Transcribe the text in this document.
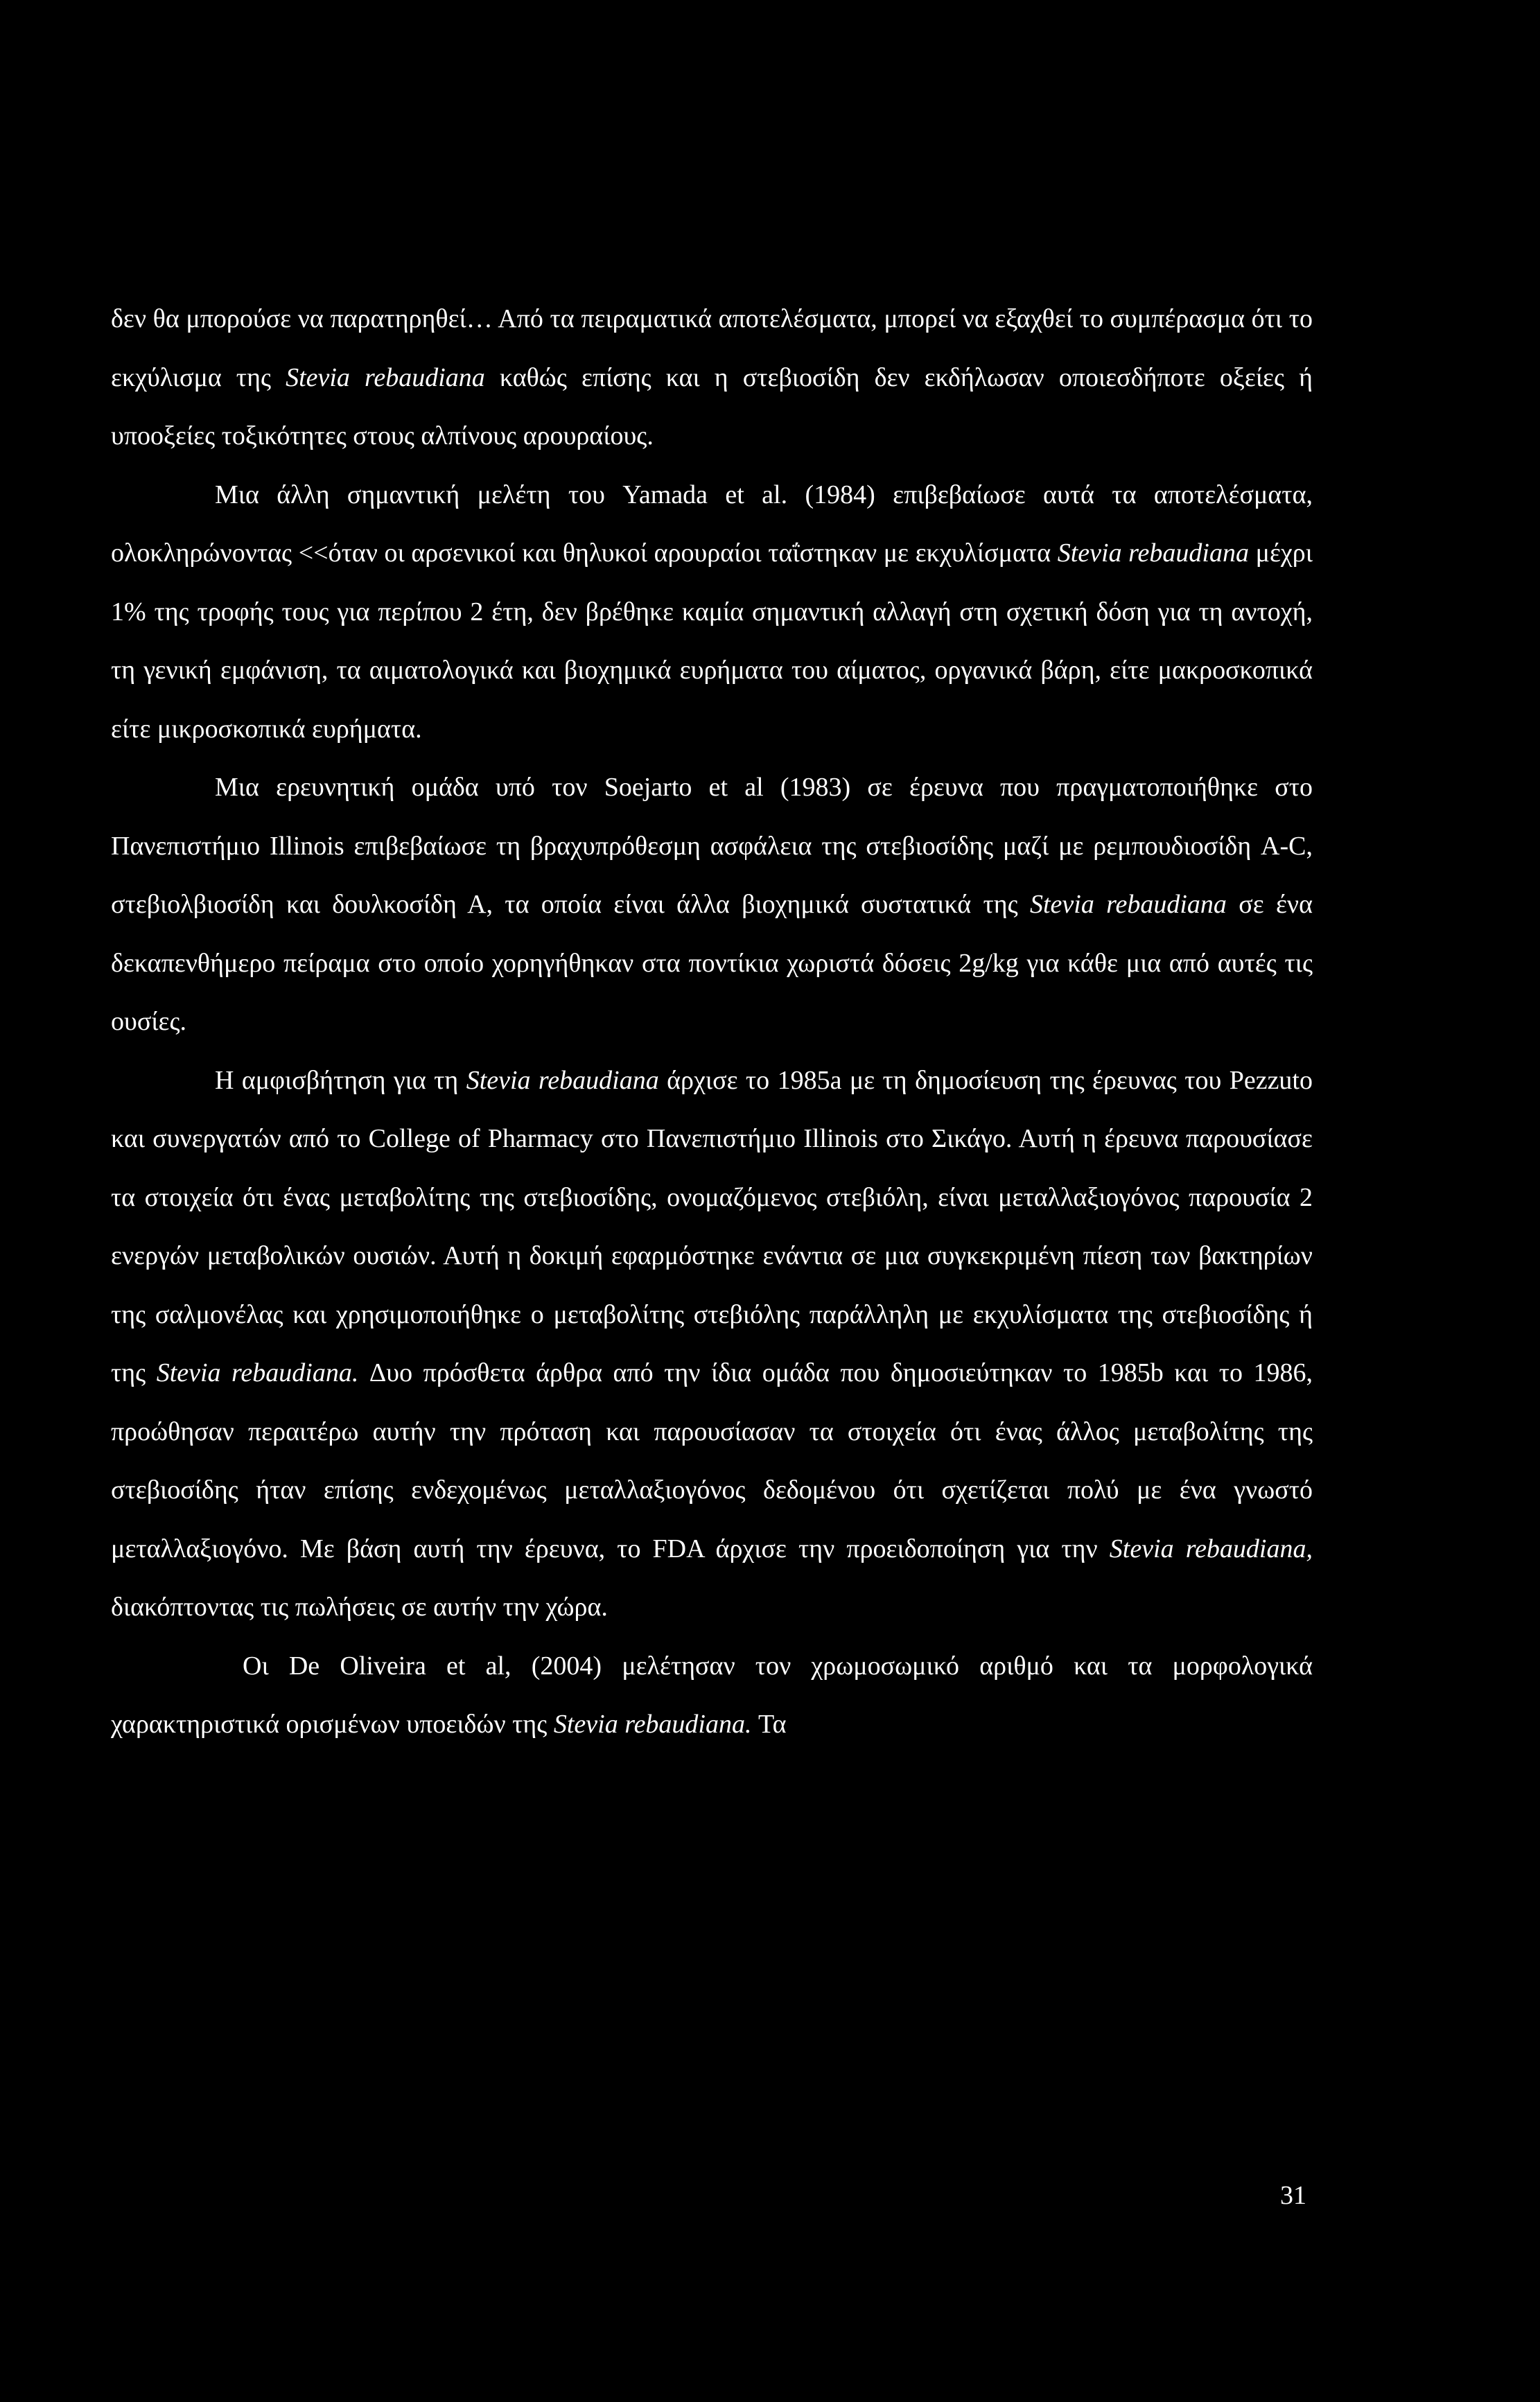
δεν θα μπορούσε να παρατηρηθεί… Από τα πειραματικά αποτελέσματα, μπορεί να εξαχθεί το συμπέρασμα ότι το εκχύλισμα της Stevia rebaudiana καθώς επίσης και η στεβιοσίδη δεν εκδήλωσαν οποιεσδήποτε οξείες ή υποοξείες τοξικότητες στους αλπίνους αρουραίους.

Μια άλλη σημαντική μελέτη του Yamada et al. (1984) επιβεβαίωσε αυτά τα αποτελέσματα, ολοκληρώνοντας <<όταν οι αρσενικοί και θηλυκοί αρουραίοι ταΐστηκαν με εκχυλίσματα Stevia rebaudiana μέχρι 1% της τροφής τους για περίπου 2 έτη, δεν βρέθηκε καμία σημαντική αλλαγή στη σχετική δόση για τη αντοχή, τη γενική εμφάνιση, τα αιματολογικά και βιοχημικά ευρήματα του αίματος, οργανικά βάρη, είτε μακροσκοπικά είτε μικροσκοπικά ευρήματα.

Μια ερευνητική ομάδα υπό τον Soejarto et al (1983) σε έρευνα που πραγματοποιήθηκε στο Πανεπιστήμιο Illinois επιβεβαίωσε τη βραχυπρόθεσμη ασφάλεια της στεβιοσίδης μαζί με ρεμπουδιοσίδη A-C, στεβιολβιοσίδη και δουλκοσίδη Α, τα οποία είναι άλλα βιοχημικά συστατικά της Stevia rebaudiana σε ένα δεκαπενθήμερο πείραμα στο οποίο χορηγήθηκαν στα ποντίκια χωριστά δόσεις 2g/kg για κάθε μια από αυτές τις ουσίες.

Η αμφισβήτηση για τη Stevia rebaudiana άρχισε το 1985a με τη δημοσίευση της έρευνας του Pezzuto και συνεργατών από το College of Pharmacy στο Πανεπιστήμιο Illinois στο Σικάγο. Αυτή η έρευνα παρουσίασε τα στοιχεία ότι ένας μεταβολίτης της στεβιοσίδης, ονομαζόμενος στεβιόλη, είναι μεταλλαξιογόνος παρουσία 2 ενεργών μεταβολικών ουσιών. Αυτή η δοκιμή εφαρμόστηκε ενάντια σε μια συγκεκριμένη πίεση των βακτηρίων της σαλμονέλας και χρησιμοποιήθηκε ο μεταβολίτης στεβιόλης παράλληλη με εκχυλίσματα της στεβιοσίδης ή της Stevia rebaudiana. Δυο πρόσθετα άρθρα από την ίδια ομάδα που δημοσιεύτηκαν το 1985b και το 1986, προώθησαν περαιτέρω αυτήν την πρόταση και παρουσίασαν τα στοιχεία ότι ένας άλλος μεταβολίτης της στεβιοσίδης ήταν επίσης ενδεχομένως μεταλλαξιογόνος δεδομένου ότι σχετίζεται πολύ με ένα γνωστό μεταλλαξιογόνο. Με βάση αυτή την έρευνα, το FDA άρχισε την προειδοποίηση για την Stevia rebaudiana, διακόπτοντας τις πωλήσεις σε αυτήν την χώρα.

Οι De Oliveira et al, (2004) μελέτησαν τον χρωμοσωμικό αριθμό και τα μορφολογικά χαρακτηριστικά ορισμένων υποειδών της Stevia rebaudiana. Τα

31
